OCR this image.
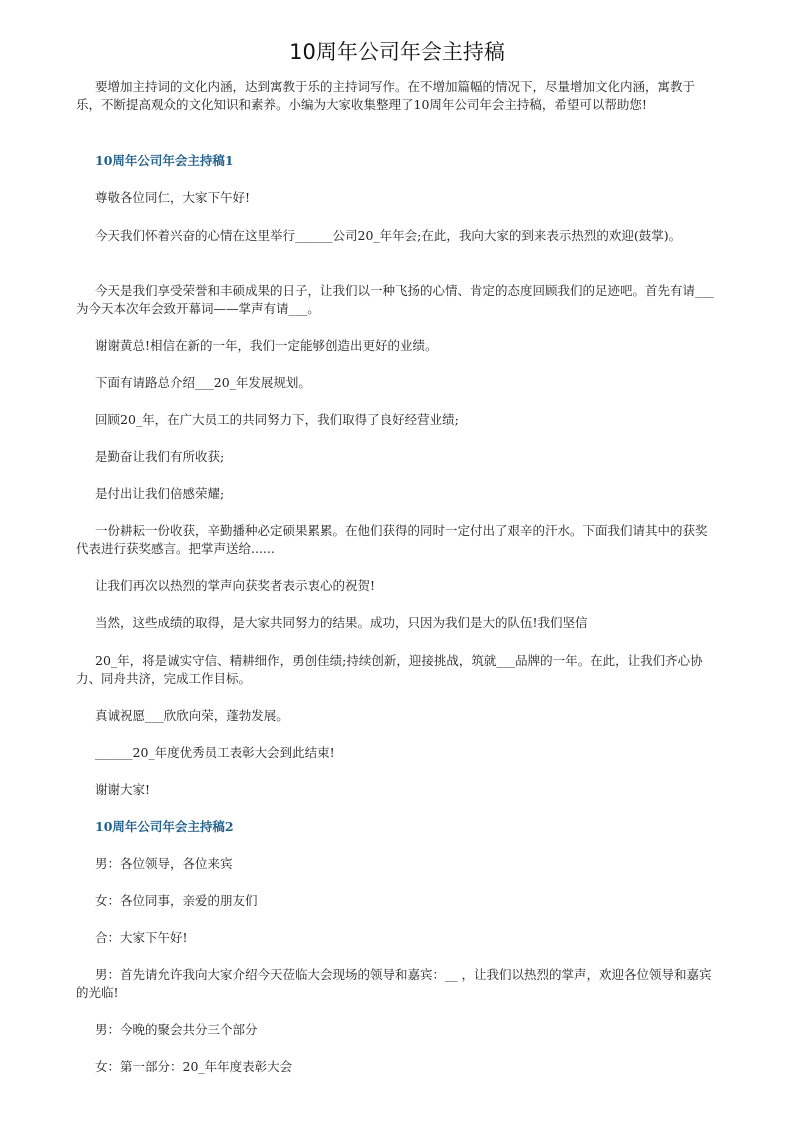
10周年公司年会主持稿

要增加主持词的文化内涵，达到寓教于乐的主持词写作。在不增加篇幅的情况下，尽量增加文化内涵，寓教于乐，不断提高观众的文化知识和素养。小编为大家收集整理了10周年公司年会主持稿，希望可以帮助您!

10周年公司年会主持稿1

尊敬各位同仁，大家下午好!

今天我们怀着兴奋的心情在这里举行______公司20_年年会;在此，我向大家的到来表示热烈的欢迎(鼓掌)。

今天是我们享受荣誉和丰硕成果的日子，让我们以一种飞扬的心情、肯定的态度回顾我们的足迹吧。首先有请___为今天本次年会致开幕词——掌声有请___。

谢谢黄总!相信在新的一年，我们一定能够创造出更好的业绩。

下面有请路总介绍___20_年发展规划。

回顾20_年，在广大员工的共同努力下，我们取得了良好经营业绩;

是勤奋让我们有所收获;

是付出让我们倍感荣耀;

一份耕耘一份收获，辛勤播种必定硕果累累。在他们获得的同时一定付出了艰辛的汗水。下面我们请其中的获奖代表进行获奖感言。把掌声送给......

让我们再次以热烈的掌声向获奖者表示衷心的祝贺!

当然，这些成绩的取得，是大家共同努力的结果。成功，只因为我们是大的队伍!我们坚信

20_年，将是诚实守信、精耕细作，勇创佳绩;持续创新，迎接挑战，筑就___品牌的一年。在此，让我们齐心协力、同舟共济，完成工作目标。

真诚祝愿___欣欣向荣，蓬勃发展。

______20_年度优秀员工表彰大会到此结束!

谢谢大家!

10周年公司年会主持稿2

男：各位领导，各位来宾

女：各位同事，亲爱的朋友们

合：大家下午好!

男：首先请允许我向大家介绍今天莅临大会现场的领导和嘉宾：__ ，让我们以热烈的掌声，欢迎各位领导和嘉宾的光临!

男：今晚的聚会共分三个部分

女：第一部分：20_年年度表彰大会
